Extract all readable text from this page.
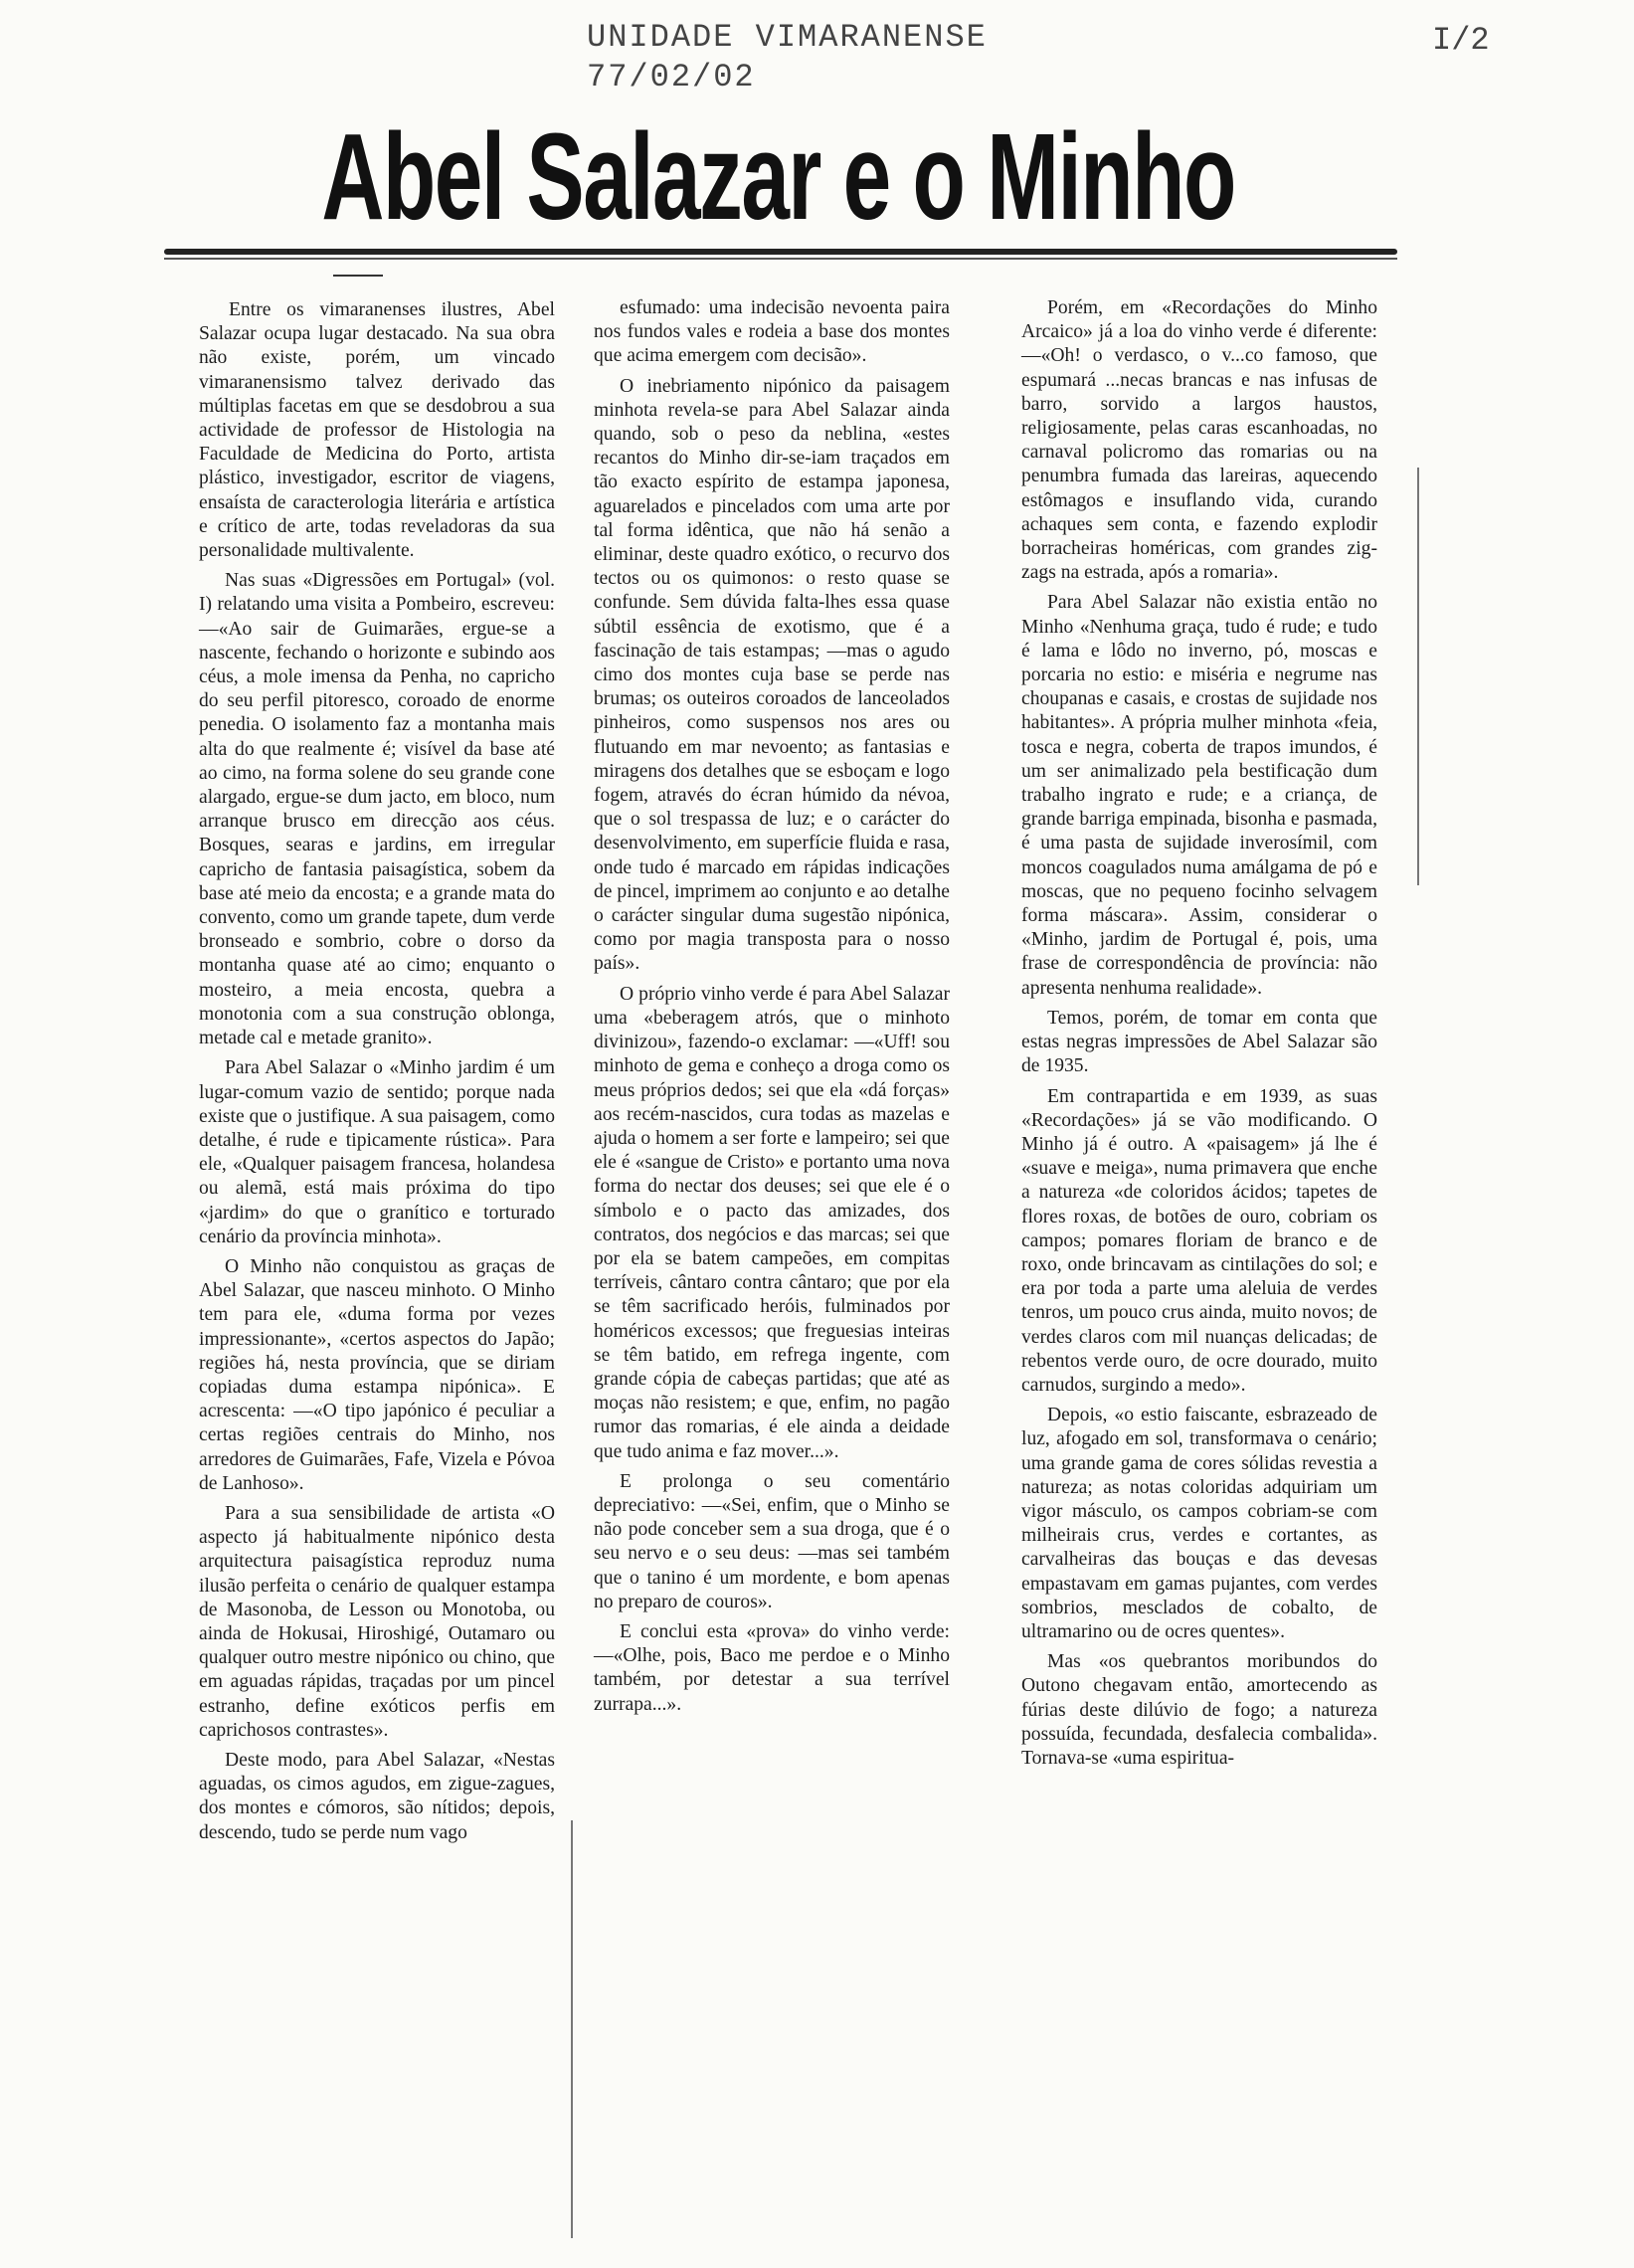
UNIDADE VIMARANENSE
77/02/02
I/2
Abel Salazar e o Minho

Entre os vimaranenses ilustres, Abel Salazar ocupa lugar destacado. Na sua obra não existe, porém, um vincado vimaranensismo talvez derivado das múltiplas facetas em que se desdobrou a sua actividade de professor de Histologia na Faculdade de Medicina do Porto, artista plástico, investigador, escritor de viagens, ensaísta de caracterologia literária e artística e crítico de arte, todas reveladoras da sua personalidade multivalente.

Nas suas «Digressões em Portugal» (vol. I) relatando uma visita a Pombeiro, escreveu: —«Ao sair de Guimarães, ergue-se a nascente, fechando o horizonte e subindo aos céus, a mole imensa da Penha, no capricho do seu perfil pitoresco, coroado de enorme penedia. O isolamento faz a montanha mais alta do que realmente é; visível da base até ao cimo, na forma solene do seu grande cone alargado, ergue-se dum jacto, em bloco, num arranque brusco em direcção aos céus. Bosques, searas e jardins, em irregular capricho de fantasia paisagística, sobem da base até meio da encosta; e a grande mata do convento, como um grande tapete, dum verde bronseado e sombrio, cobre o dorso da montanha quase até ao cimo; enquanto o mosteiro, a meia encosta, quebra a monotonia com a sua construção oblonga, metade cal e metade granito».

Para Abel Salazar o «Minho jardim é um lugar-comum vazio de sentido; porque nada existe que o justifique. A sua paisagem, como detalhe, é rude e tipicamente rústica». Para ele, «Qualquer paisagem francesa, holandesa ou alemã, está mais próxima do tipo «jardim» do que o granítico e torturado cenário da província minhota».

O Minho não conquistou as graças de Abel Salazar, que nasceu minhoto. O Minho tem para ele, «duma forma por vezes impressionante», «certos aspectos do Japão; regiões há, nesta província, que se diriam copiadas duma estampa nipónica». E acrescenta: —«O tipo japónico é peculiar a certas regiões centrais do Minho, nos arredores de Guimarães, Fafe, Vizela e Póvoa de Lanhoso».

Para a sua sensibilidade de artista «O aspecto já habitualmente nipónico desta arquitectura paisagística reproduz numa ilusão perfeita o cenário de qualquer estampa de Masonoba, de Lesson ou Monotoba, ou ainda de Hokusai, Hiroshigé, Outamaro ou qualquer outro mestre nipónico ou chino, que em aguadas rápidas, traçadas por um pincel estranho, define exóticos perfis em caprichosos contrastes».

Deste modo, para Abel Salazar, «Nestas aguadas, os cimos agudos, em zigue-zagues, dos montes e cómoros, são nítidos; depois, descendo, tudo se perde num vago

esfumado: uma indecisão nevoenta paira nos fundos vales e rodeia a base dos montes que acima emergem com decisão».

O inebriamento nipónico da paisagem minhota revela-se para Abel Salazar ainda quando, sob o peso da neblina, «estes recantos do Minho dir-se-iam traçados em tão exacto espírito de estampa japonesa, aguarelados e pincelados com uma arte por tal forma idêntica, que não há senão a eliminar, deste quadro exótico, o recurvo dos tectos ou os quimonos: o resto quase se confunde. Sem dúvida falta-lhes essa quase súbtil essência de exotismo, que é a fascinação de tais estampas; —mas o agudo cimo dos montes cuja base se perde nas brumas; os outeiros coroados de lanceolados pinheiros, como suspensos nos ares ou flutuando em mar nevoento; as fantasias e miragens dos detalhes que se esboçam e logo fogem, através do écran húmido da névoa, que o sol trespassa de luz; e o carácter do desenvolvimento, em superfície fluida e rasa, onde tudo é marcado em rápidas indicações de pincel, imprimem ao conjunto e ao detalhe o carácter singular duma sugestão nipónica, como por magia transposta para o nosso país».

O próprio vinho verde é para Abel Salazar uma «beberagem atrós, que o minhoto divinizou», fazendo-o exclamar: —«Uff! sou minhoto de gema e conheço a droga como os meus próprios dedos; sei que ela «dá forças» aos recém-nascidos, cura todas as mazelas e ajuda o homem a ser forte e lampeiro; sei que ele é «sangue de Cristo» e portanto uma nova forma do nectar dos deuses; sei que ele é o símbolo e o pacto das amizades, dos contratos, dos negócios e das marcas; sei que por ela se batem campeões, em compitas terríveis, cântaro contra cântaro; que por ela se têm sacrificado heróis, fulminados por homéricos excessos; que freguesias inteiras se têm batido, em refrega ingente, com grande cópia de cabeças partidas; que até as moças não resistem; e que, enfim, no pagão rumor das romarias, é ele ainda a deidade que tudo anima e faz mover...».

E prolonga o seu comentário depreciativo: —«Sei, enfim, que o Minho se não pode conceber sem a sua droga, que é o seu nervo e o seu deus: —mas sei também que o tanino é um mordente, e bom apenas no preparo de couros».

E conclui esta «prova» do vinho verde: —«Olhe, pois, Baco me perdoe e o Minho também, por detestar a sua terrível zurrapa...».

Porém, em «Recordações do Minho Arcaico» já a loa do vinho verde é diferente: —«Oh! o verdasco, o v...co famoso, que espumará ...necas brancas e nas infusas de barro, sorvido a largos haustos, religiosamente, pelas caras escanhoadas, no carnaval policromo das romarias ou na penumbra fumada das lareiras, aquecendo estômagos e insuflando vida, curando achaques sem conta, e fazendo explodir borracheiras homéricas, com grandes zig-zags na estrada, após a romaria».

Para Abel Salazar não existia então no Minho «Nenhuma graça, tudo é rude; e tudo é lama e lôdo no inverno, pó, moscas e porcaria no estio: e miséria e negrume nas choupanas e casais, e crostas de sujidade nos habitantes». A própria mulher minhota «feia, tosca e negra, coberta de trapos imundos, é um ser animalizado pela bestificação dum trabalho ingrato e rude; e a criança, de grande barriga empinada, bisonha e pasmada, é uma pasta de sujidade inverosímil, com moncos coagulados numa amálgama de pó e moscas, que no pequeno focinho selvagem forma máscara». Assim, considerar o «Minho, jardim de Portugal é, pois, uma frase de correspondência de província: não apresenta nenhuma realidade».

Temos, porém, de tomar em conta que estas negras impressões de Abel Salazar são de 1935.

Em contrapartida e em 1939, as suas «Recordações» já se vão modificando. O Minho já é outro. A «paisagem» já lhe é «suave e meiga», numa primavera que enche a natureza «de coloridos ácidos; tapetes de flores roxas, de botões de ouro, cobriam os campos; pomares floriam de branco e de roxo, onde brincavam as cintilações do sol; e era por toda a parte uma aleluia de verdes tenros, um pouco crus ainda, muito novos; de verdes claros com mil nuanças delicadas; de rebentos verde ouro, de ocre dourado, muito carnudos, surgindo a medo».

Depois, «o estio faiscante, esbrazeado de luz, afogado em sol, transformava o cenário; uma grande gama de cores sólidas revestia a natureza; as notas coloridas adquiriam um vigor másculo, os campos cobriam-se com milheirais crus, verdes e cortantes, as carvalheiras das bouças e das devesas empastavam em gamas pujantes, com verdes sombrios, mesclados de cobalto, de ultramarino ou de ocres quentes».

Mas «os quebrantos moribundos do Outono chegavam então, amortecendo as fúrias deste dilúvio de fogo; a natureza possuída, fecundada, desfalecia combalida». Tornava-se «uma espiritua-
